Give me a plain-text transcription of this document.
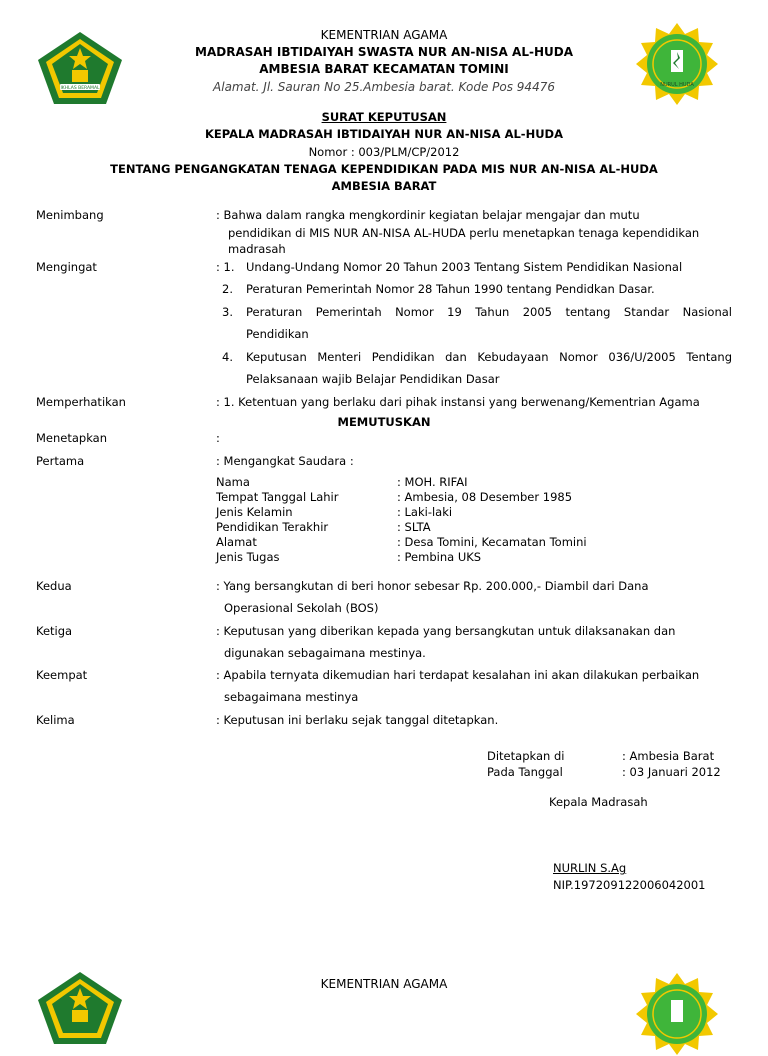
IKHLAS BERAMAL
NURUL HUDA
KEMENTRIAN AGAMA
MADRASAH IBTIDAIYAH SWASTA NUR AN-NISA AL-HUDA
AMBESIA BARAT KECAMATAN TOMINI
Alamat. Jl. Sauran No 25.Ambesia barat. Kode Pos 94476
SURAT KEPUTUSAN
KEPALA MADRASAH IBTIDAIYAH NUR AN-NISA AL-HUDA
Nomor : 003/PLM/CP/2012
TENTANG PENGANGKATAN TENAGA KEPENDIDIKAN PADA MIS NUR AN-NISA AL-HUDA
AMBESIA BARAT
Menimbang	: Bahwa dalam rangka mengkordinir kegiatan belajar mengajar dan mutu
pendidikan di MIS NUR AN-NISA AL-HUDA perlu menetapkan tenaga kependidikan
madrasah
Mengingat	: 1. Undang-Undang Nomor 20 Tahun 2003 Tentang Sistem Pendidikan Nasional
2. Peraturan Pemerintah Nomor 28 Tahun 1990 tentang Pendidkan Dasar.
3. Peraturan Pemerintah Nomor 19 Tahun 2005 tentang Standar Nasional
Pendidikan
4. Keputusan Menteri Pendidikan dan Kebudayaan Nomor 036/U/2005 Tentang
Pelaksanaan wajib Belajar Pendidikan Dasar
Memperhatikan	: 1. Ketentuan yang berlaku dari pihak instansi yang berwenang/Kementrian Agama
MEMUTUSKAN
Menetapkan	:
Pertama	: Mengangkat Saudara :
Nama	: MOH. RIFAI
Tempat Tanggal Lahir	: Ambesia, 08 Desember 1985
Jenis Kelamin	: Laki-laki
Pendidikan Terakhir	: SLTA
Alamat	: Desa Tomini, Kecamatan Tomini
Jenis Tugas	: Pembina UKS
Kedua	: Yang bersangkutan di beri honor sebesar Rp. 200.000,- Diambil dari Dana
Operasional Sekolah (BOS)
Ketiga	: Keputusan yang diberikan kepada yang bersangkutan untuk dilaksanakan dan
digunakan sebagaimana mestinya.
Keempat	: Apabila ternyata dikemudian hari terdapat kesalahan ini akan dilakukan perbaikan
sebagaimana mestinya
Kelima	: Keputusan ini berlaku sejak tanggal ditetapkan.
Ditetapkan di	: Ambesia Barat
Pada Tanggal	: 03 Januari 2012
Kepala Madrasah
NURLIN S.Ag
NIP.197209122006042001
KEMENTRIAN AGAMA
